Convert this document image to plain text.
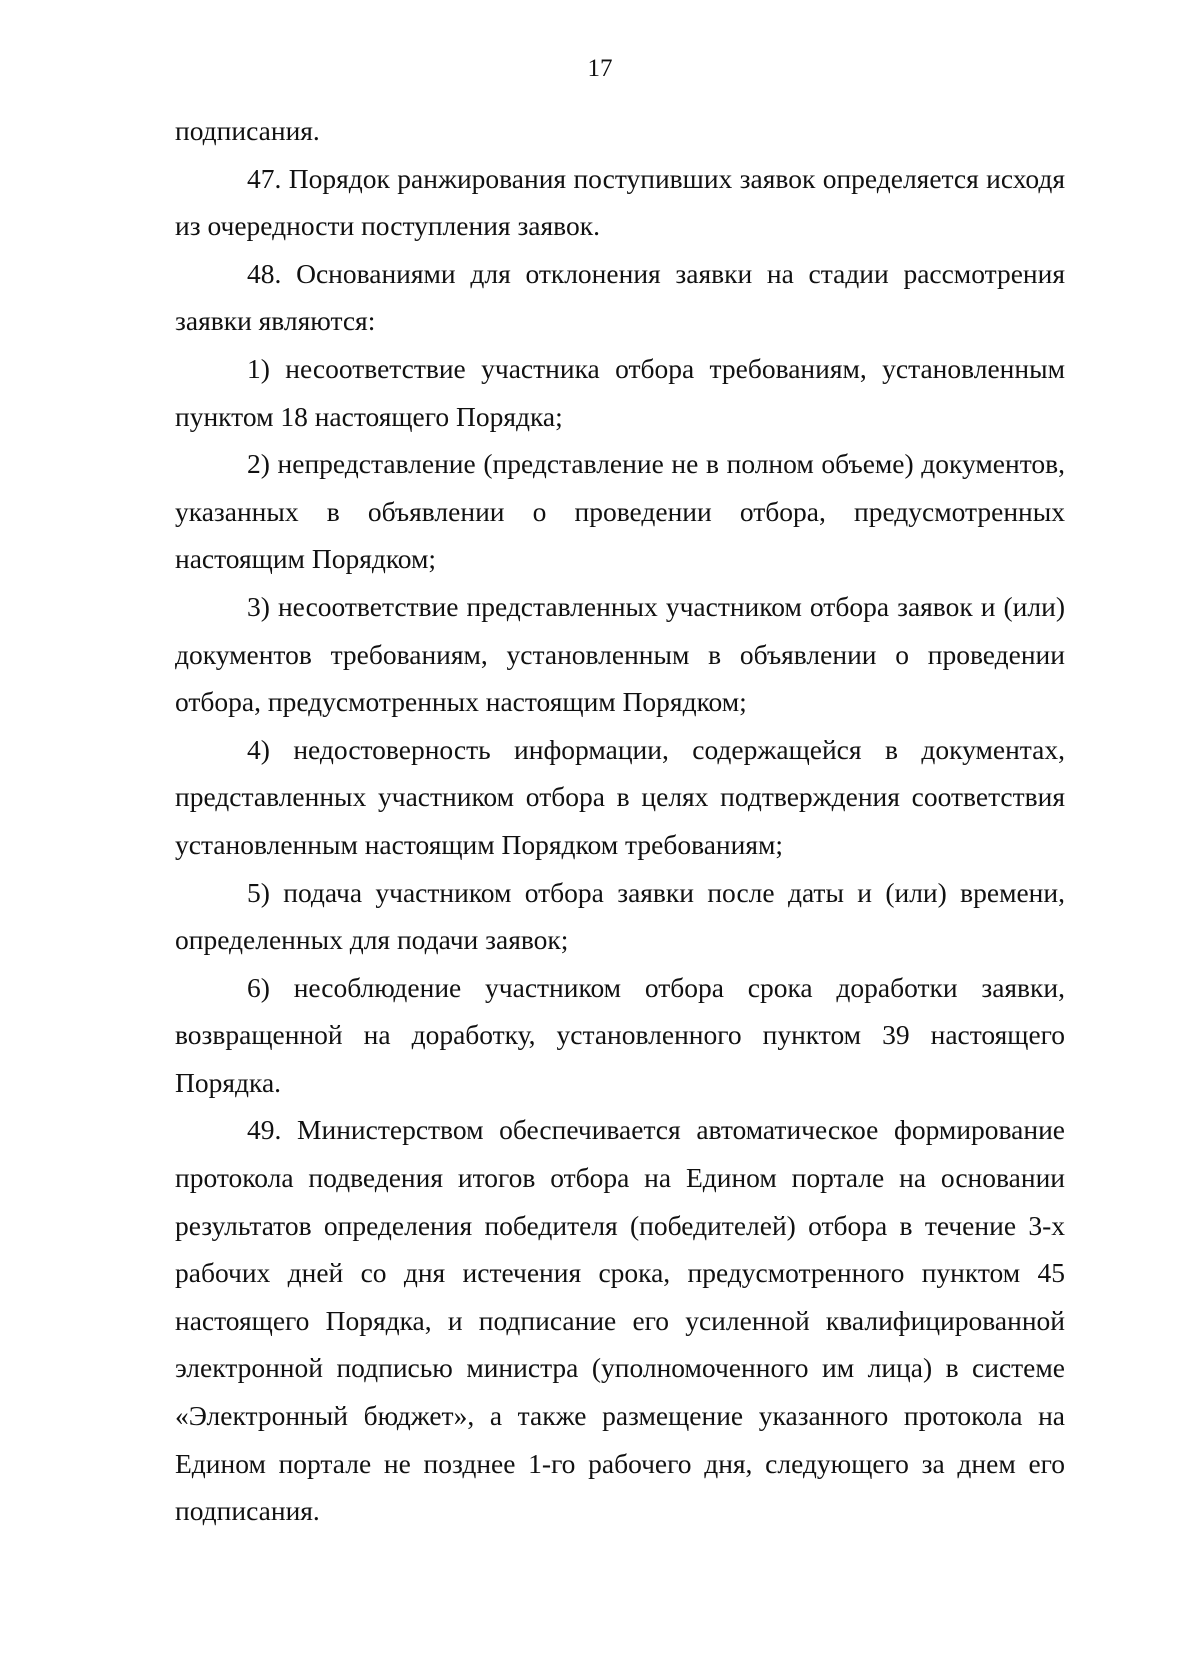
17

подписания.

47. Порядок ранжирования поступивших заявок определяется исходя из очередности поступления заявок.

48. Основаниями для отклонения заявки на стадии рассмотрения заявки являются:

1) несоответствие участника отбора требованиям, установленным пунктом 18 настоящего Порядка;

2) непредставление (представление не в полном объеме) документов, указанных в объявлении о проведении отбора, предусмотренных настоящим Порядком;

3) несоответствие представленных участником отбора заявок и (или) документов требованиям, установленным в объявлении о проведении отбора, предусмотренных настоящим Порядком;

4) недостоверность информации, содержащейся в документах, представленных участником отбора в целях подтверждения соответствия установленным настоящим Порядком требованиям;

5) подача участником отбора заявки после даты и (или) времени, определенных для подачи заявок;

6) несоблюдение участником отбора срока доработки заявки, возвращенной на доработку, установленного пунктом 39 настоящего Порядка.

49. Министерством обеспечивается автоматическое формирование протокола подведения итогов отбора на Едином портале на основании результатов определения победителя (победителей) отбора в течение 3-х рабочих дней со дня истечения срока, предусмотренного пунктом 45 настоящего Порядка, и подписание его усиленной квалифицированной электронной подписью министра (уполномоченного им лица) в системе «Электронный бюджет», а также размещение указанного протокола на Едином портале не позднее 1-го рабочего дня, следующего за днем его подписания.
